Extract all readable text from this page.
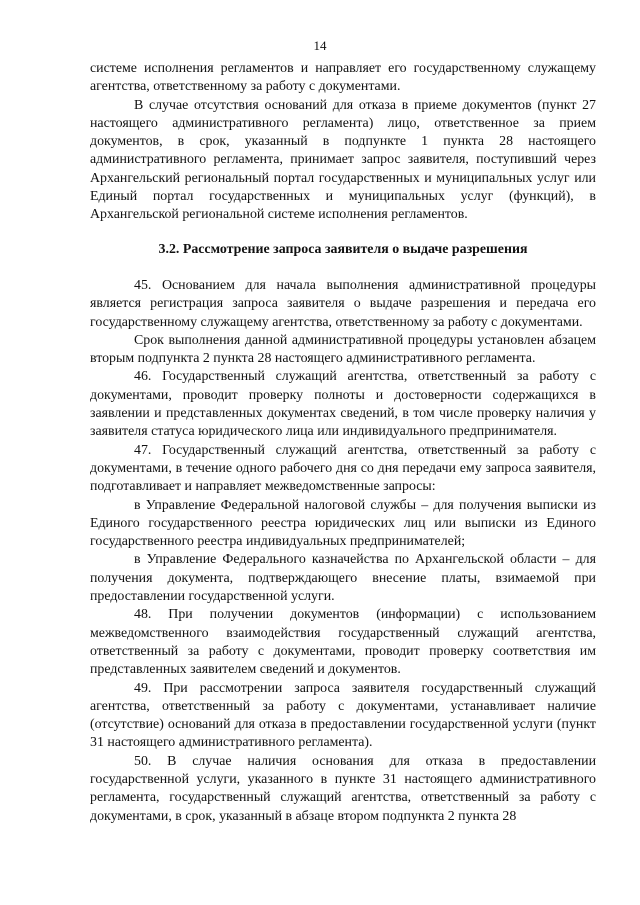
14

системе исполнения регламентов и направляет его государственному служащему агентства, ответственному за работу с документами.

В случае отсутствия оснований для отказа в приеме документов (пункт 27 настоящего административного регламента) лицо, ответственное за прием документов, в срок, указанный в подпункте 1 пункта 28 настоящего административного регламента, принимает запрос заявителя, поступивший через Архангельский региональный портал государственных и муниципальных услуг или Единый портал государственных и муниципальных услуг (функций), в Архангельской региональной системе исполнения регламентов.

3.2. Рассмотрение запроса заявителя о выдаче разрешения

45. Основанием для начала выполнения административной процедуры является регистрация запроса заявителя о выдаче разрешения и передача его государственному служащему агентства, ответственному за работу с документами.

Срок выполнения данной административной процедуры установлен абзацем вторым подпункта 2 пункта 28 настоящего административного регламента.

46. Государственный служащий агентства, ответственный за работу с документами, проводит проверку полноты и достоверности содержащихся в заявлении и представленных документах сведений, в том числе проверку наличия у заявителя статуса юридического лица или индивидуального предпринимателя.

47. Государственный служащий агентства, ответственный за работу с документами, в течение одного рабочего дня со дня передачи ему запроса заявителя, подготавливает и направляет межведомственные запросы:

в Управление Федеральной налоговой службы – для получения выписки из Единого государственного реестра юридических лиц или выписки из Единого государственного реестра индивидуальных предпринимателей;

в Управление Федерального казначейства по Архангельской области – для получения документа, подтверждающего внесение платы, взимаемой при предоставлении государственной услуги.

48. При получении документов (информации) с использованием межведомственного взаимодействия государственный служащий агентства, ответственный за работу с документами, проводит проверку соответствия им представленных заявителем сведений и документов.

49. При рассмотрении запроса заявителя государственный служащий агентства, ответственный за работу с документами, устанавливает наличие (отсутствие) оснований для отказа в предоставлении государственной услуги (пункт 31 настоящего административного регламента).

50. В случае наличия основания для отказа в предоставлении государственной услуги, указанного в пункте 31 настоящего административного регламента, государственный служащий агентства, ответственный за работу с документами, в срок, указанный в абзаце втором подпункта 2 пункта 28
